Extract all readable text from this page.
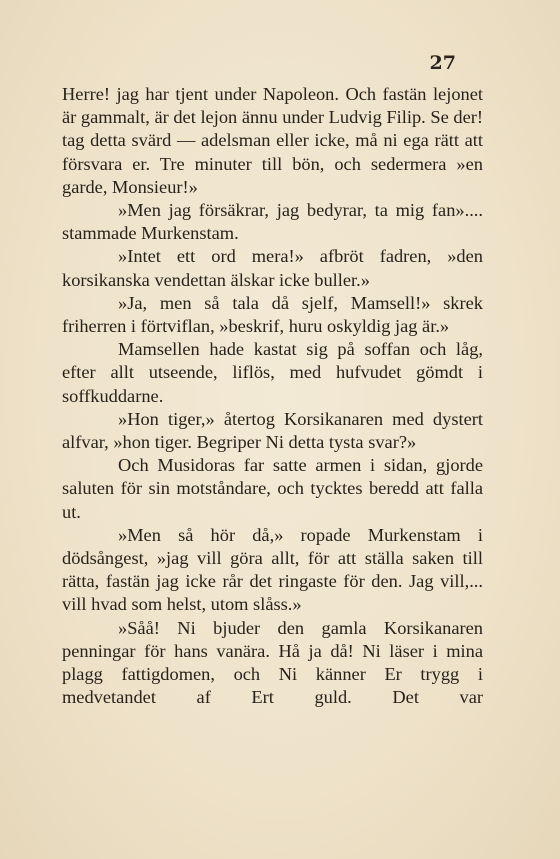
27

Herre! jag har tjent under Napoleon. Och fastän lejonet är gammalt, är det lejon ännu under Ludvig Filip. Se der! tag detta svärd — adelsman eller icke, må ni ega rätt att försvara er. Tre minuter till bön, och sedermera »en garde, Monsieur!»

»Men jag försäkrar, jag bedyrar, ta mig fan».... stammade Murkenstam.

»Intet ett ord mera!» afbröt fadren, »den korsikanska vendettan älskar icke buller.»

»Ja, men så tala då sjelf, Mamsell!» skrek friherren i förtviflan, »beskrif, huru oskyldig jag är.»

Mamsellen hade kastat sig på soffan och låg, efter allt utseende, liflös, med hufvudet gömdt i soffkuddarne.

»Hon tiger,» återtog Korsikanaren med dystert alfvar, »hon tiger. Begriper Ni detta tysta svar?»

Och Musidoras far satte armen i sidan, gjorde saluten för sin motståndare, och tycktes beredd att falla ut.

»Men så hör då,» ropade Murkenstam i dödsångest, »jag vill göra allt, för att ställa saken till rätta, fastän jag icke rår det ringaste för den. Jag vill,... vill hvad som helst, utom slåss.»

»Såå! Ni bjuder den gamla Korsikanaren penningar för hans vanära. Hå ja då! Ni läser i mina plagg fattigdomen, och Ni känner Er trygg i medvetandet af Ert guld. Det var
